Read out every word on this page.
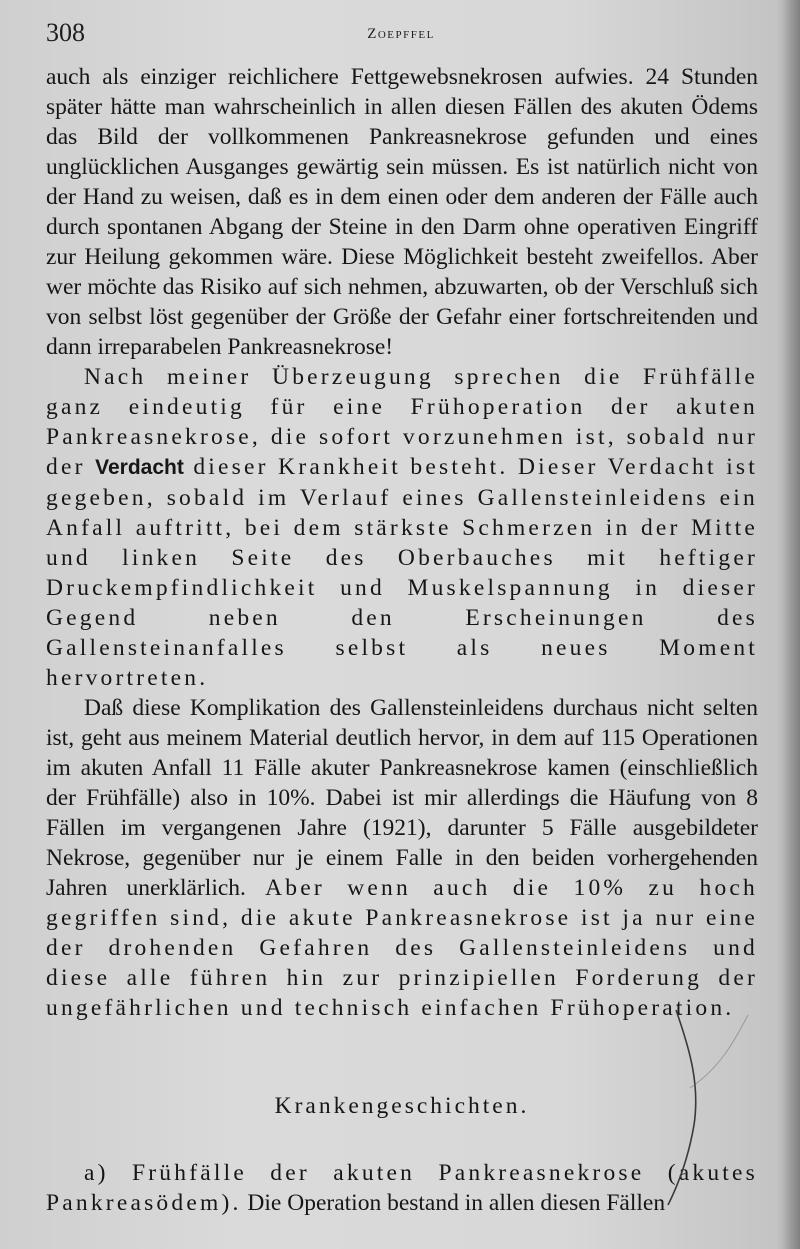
308	Zoepffel

auch als einziger reichlichere Fettgewebsnekrosen aufwies. 24 Stunden später hätte man wahrscheinlich in allen diesen Fällen des akuten Ödems das Bild der vollkommenen Pankreasnekrose gefunden und eines unglücklichen Ausganges gewärtig sein müssen. Es ist natürlich nicht von der Hand zu weisen, daß es in dem einen oder dem anderen der Fälle auch durch spontanen Abgang der Steine in den Darm ohne operativen Eingriff zur Heilung gekommen wäre. Diese Möglichkeit besteht zweifellos. Aber wer möchte das Risiko auf sich nehmen, abzuwarten, ob der Verschluß sich von selbst löst gegenüber der Größe der Gefahr einer fortschreitenden und dann irreparabelen Pankreasnekrose!

Nach meiner Überzeugung sprechen die Frühfälle ganz eindeutig für eine Frühoperation der akuten Pankreasnekrose, die sofort vorzunehmen ist, sobald nur der Verdacht dieser Krankheit besteht. Dieser Verdacht ist gegeben, sobald im Verlauf eines Gallensteinleidens ein Anfall auftritt, bei dem stärkste Schmerzen in der Mitte und linken Seite des Oberbauches mit heftiger Druckempfindlichkeit und Muskelspannung in dieser Gegend neben den Erscheinungen des Gallensteinanfalles selbst als neues Moment hervortreten.

Daß diese Komplikation des Gallensteinleidens durchaus nicht selten ist, geht aus meinem Material deutlich hervor, in dem auf 115 Operationen im akuten Anfall 11 Fälle akuter Pankreasnekrose kamen (einschließlich der Frühfälle) also in 10%. Dabei ist mir allerdings die Häufung von 8 Fällen im vergangenen Jahre (1921), darunter 5 Fälle ausgebildeter Nekrose, gegenüber nur je einem Falle in den beiden vorhergehenden Jahren unerklärlich. Aber wenn auch die 10% zu hoch gegriffen sind, die akute Pankreasnekrose ist ja nur eine der drohenden Gefahren des Gallensteinleidens und diese alle führen hin zur prinzipiellen Forderung der ungefährlichen und technisch einfachen Frühoperation.

Krankengeschichten.

a) Frühfälle der akuten Pankreasnekrose (akutes Pankreasödem). Die Operation bestand in allen diesen Fällen
